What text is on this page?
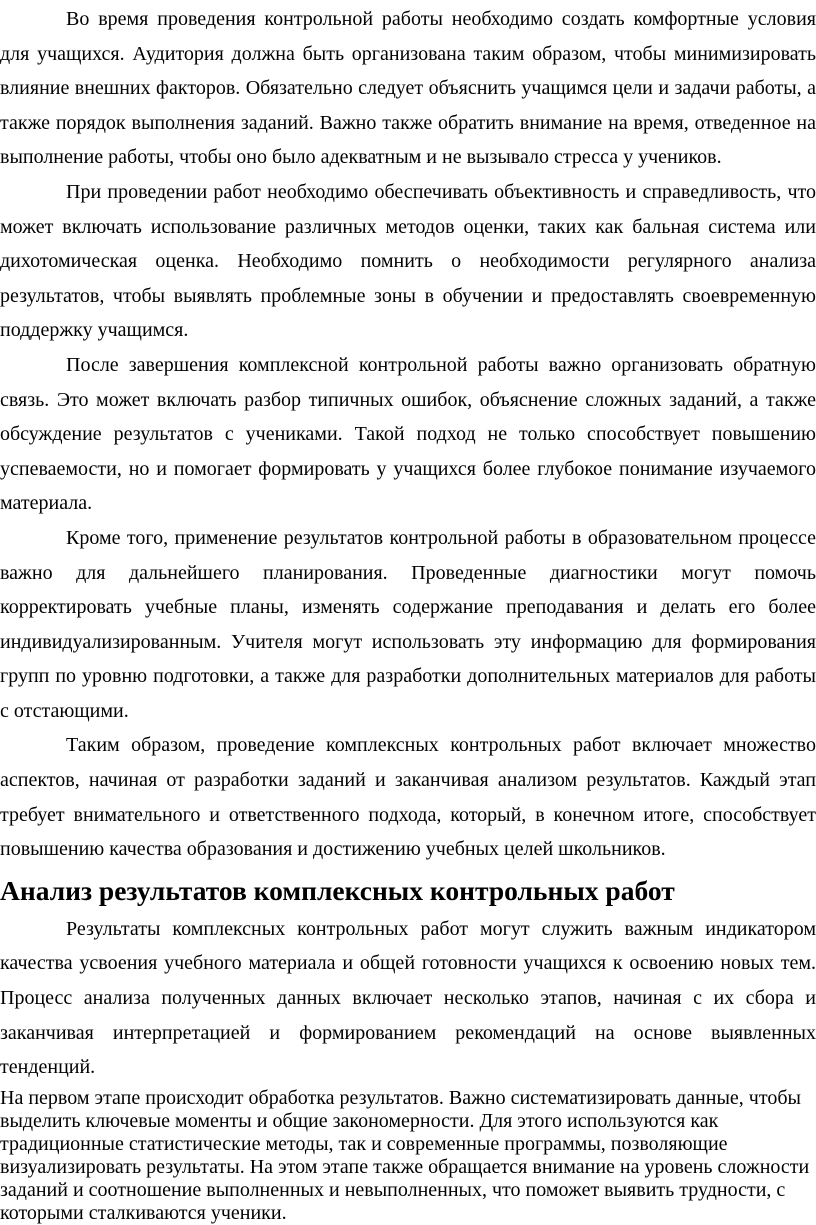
Во время проведения контрольной работы необходимо создать комфортные условия для учащихся. Аудитория должна быть организована таким образом, чтобы минимизировать влияние внешних факторов. Обязательно следует объяснить учащимся цели и задачи работы, а также порядок выполнения заданий. Важно также обратить внимание на время, отведенное на выполнение работы, чтобы оно было адекватным и не вызывало стресса у учеников.

При проведении работ необходимо обеспечивать объективность и справедливость, что может включать использование различных методов оценки, таких как бальная система или дихотомическая оценка. Необходимо помнить о необходимости регулярного анализа результатов, чтобы выявлять проблемные зоны в обучении и предоставлять своевременную поддержку учащимся.

После завершения комплексной контрольной работы важно организовать обратную связь. Это может включать разбор типичных ошибок, объяснение сложных заданий, а также обсуждение результатов с учениками. Такой подход не только способствует повышению успеваемости, но и помогает формировать у учащихся более глубокое понимание изучаемого материала.

Кроме того, применение результатов контрольной работы в образовательном процессе важно для дальнейшего планирования. Проведенные диагностики могут помочь корректировать учебные планы, изменять содержание преподавания и делать его более индивидуализированным. Учителя могут использовать эту информацию для формирования групп по уровню подготовки, а также для разработки дополнительных материалов для работы с отстающими.

Таким образом, проведение комплексных контрольных работ включает множество аспектов, начиная от разработки заданий и заканчивая анализом результатов. Каждый этап требует внимательного и ответственного подхода, который, в конечном итоге, способствует повышению качества образования и достижению учебных целей школьников.

Анализ результатов комплексных контрольных работ

Результаты комплексных контрольных работ могут служить важным индикатором качества усвоения учебного материала и общей готовности учащихся к освоению новых тем. Процесс анализа полученных данных включает несколько этапов, начиная с их сбора и заканчивая интерпретацией и формированием рекомендаций на основе выявленных тенденций.

На первом этапе происходит обработка результатов. Важно систематизировать данные, чтобы выделить ключевые моменты и общие закономерности. Для этого используются как традиционные статистические методы, так и современные программы, позволяющие визуализировать результаты. На этом этапе также обращается внимание на уровень сложности заданий и соотношение выполненных и невыполненных, что поможет выявить трудности, с которыми сталкиваются ученики.
